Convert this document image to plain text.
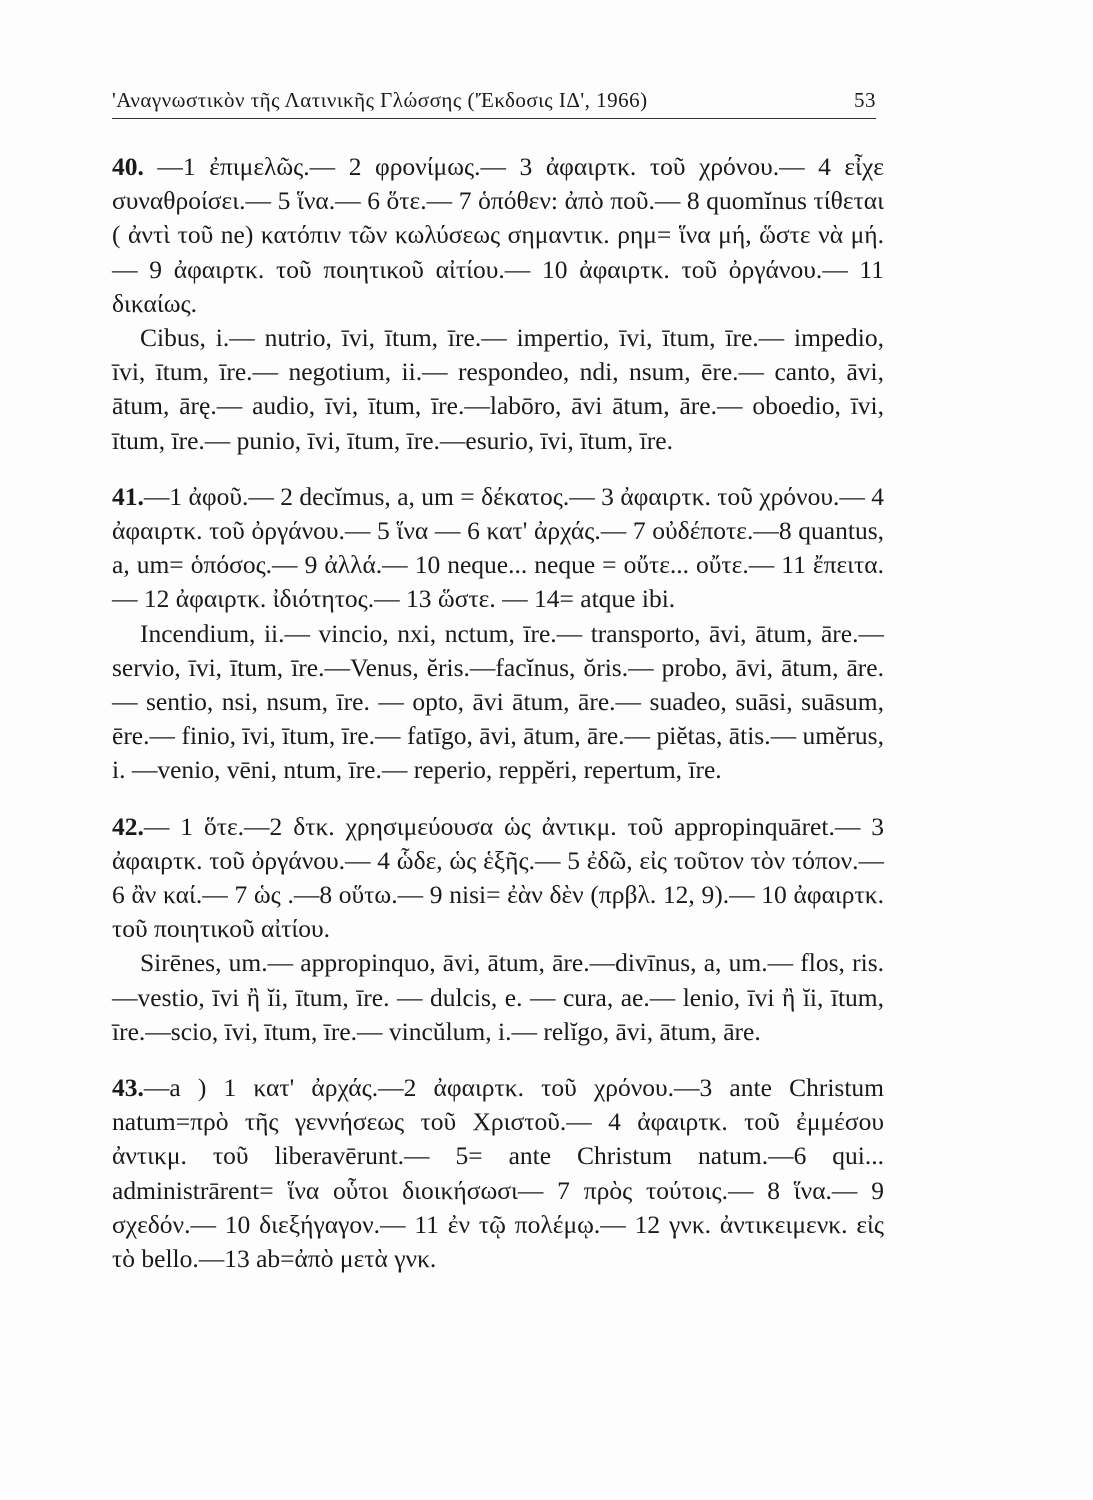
'Αναγνωστικὸν τῆς Λατινικῆς Γλώσσης ('Έκδοσις ΙΔ', 1966)	53

40. —1 ἐπιμελῶς.— 2 φρονίμως.— 3 ἀφαιρτκ. τοῦ χρόνου.— 4 εἶχε συναθροίσει.— 5 ἵνα.— 6 ὅτε.— 7 ὁπόθεν: ἀπὸ ποῦ.— 8 quomĭnus τίθεται ( ἀντὶ τοῦ ne) κατόπιν τῶν κωλύσεως σημαντικ. ρημ= ἵνα μή, ὥστε νὰ μή.— 9 ἀφαιρτκ. τοῦ ποιητικοῦ αἰτίου.— 10 ἀφαιρτκ. τοῦ ὀργάνου.— 11 δικαίως.

Cibus, i.— nutrio, īvi, ītum, īre.— impertio, īvi, ītum, īre.— impedio, īvi, ītum, īre.— negotium, ii.— respondeo, ndi, nsum, ēre.— canto, āvi, ātum, ārę.— audio, īvi, ītum, īre.—labōro, āvi ātum, āre.— oboedio, īvi, ītum, īre.— punio, īvi, ītum, īre.—esurio, īvi, ītum, īre.

41.—1 ἀφοῦ.— 2 decĭmus, a, um = δέκατος.— 3 ἀφαιρτκ. τοῦ χρόνου.— 4 ἀφαιρτκ. τοῦ ὀργάνου.— 5 ἵνα — 6 κατ' ἀρχάς.— 7 οὐδέποτε.—8 quantus, a, um= ὁπόσος.— 9 ἀλλά.— 10 neque... neque = οὔτε... οὔτε.— 11 ἔπειτα.— 12 ἀφαιρτκ. ἰδιότητος.— 13 ὥστε. — 14= atque ibi.

Incendium, ii.— vincio, nxi, nctum, īre.— transporto, āvi, ātum, āre.— servio, īvi, ītum, īre.—Venus, ĕris.—facĭnus, ŏris.— probo, āvi, ātum, āre.— sentio, nsi, nsum, īre. — opto, āvi ātum, āre.— suadeo, suāsi, suāsum, ēre.— finio, īvi, ītum, īre.— fatīgo, āvi, ātum, āre.— piĕtas, ātis.— umĕrus, i. —venio, vēni, ntum, īre.— reperio, reppĕri, repertum, īre.

42.— 1 ὅτε.—2 δτκ. χρησιμεύουσα ὡς ἀντικμ. τοῦ appropinquāret.— 3 ἀφαιρτκ. τοῦ ὀργάνου.— 4 ὧδε, ὡς ἑξῆς.— 5 ἐδῶ, εἰς τοῦτον τὸν τόπον.— 6 ἂν καί.— 7 ὡς .—8 οὕτω.— 9 nisi= ἐὰν δὲν (πρβλ. 12, 9).— 10 ἀφαιρτκ. τοῦ ποιητικοῦ αἰτίου.

Sirēnes, um.— appropinquo, āvi, ātum, āre.—divīnus, a, um.— flos, ris.—vestio, īvi ἢ ĭi, ītum, īre. — dulcis, e. — cura, ae.— lenio, īvi ἢ ĭi, ītum, īre.—scio, īvi, ītum, īre.— vincŭlum, i.— relĭgo, āvi, ātum, āre.

43.—a ) 1 κατ' ἀρχάς.—2 ἀφαιρτκ. τοῦ χρόνου.—3 ante Christum natum=πρὸ τῆς γεννήσεως τοῦ Χριστοῦ.— 4 ἀφαιρτκ. τοῦ ἐμμέσου ἀντικμ. τοῦ liberavērunt.— 5= ante Christum natum.—6 qui... administrārent= ἵνα οὗτοι διοικήσωσι— 7 πρὸς τούτοις.— 8 ἵνα.— 9 σχεδόν.— 10 διεξήγαγον.— 11 ἐν τῷ πολέμῳ.— 12 γνκ. ἀντικειμενκ. εἰς τὸ bello.—13 ab=ἀπὸ μετὰ γνκ.
